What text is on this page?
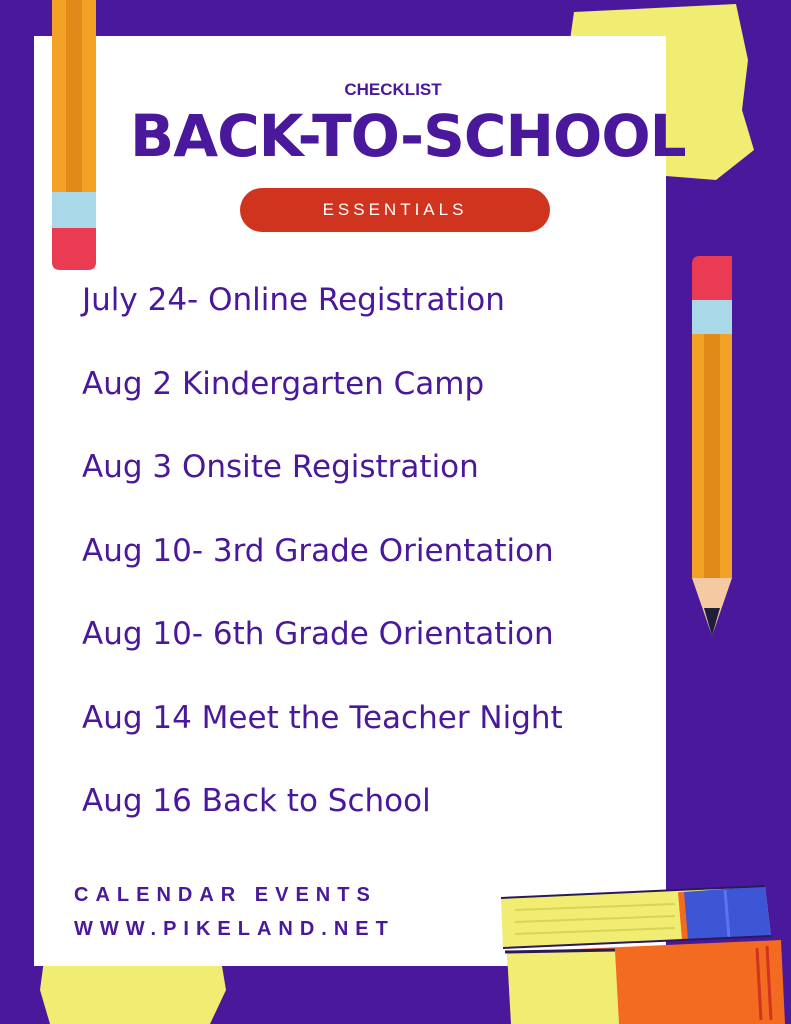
CHECKLIST
BACK-TO-SCHOOL
ESSENTIALS
July 24- Online Registration
Aug 2 Kindergarten Camp
Aug 3 Onsite Registration
Aug 10- 3rd Grade Orientation
Aug 10- 6th Grade Orientation
Aug 14 Meet the Teacher Night
Aug 16 Back to School
CALENDAR EVENTS
WWW.PIKELAND.NET
